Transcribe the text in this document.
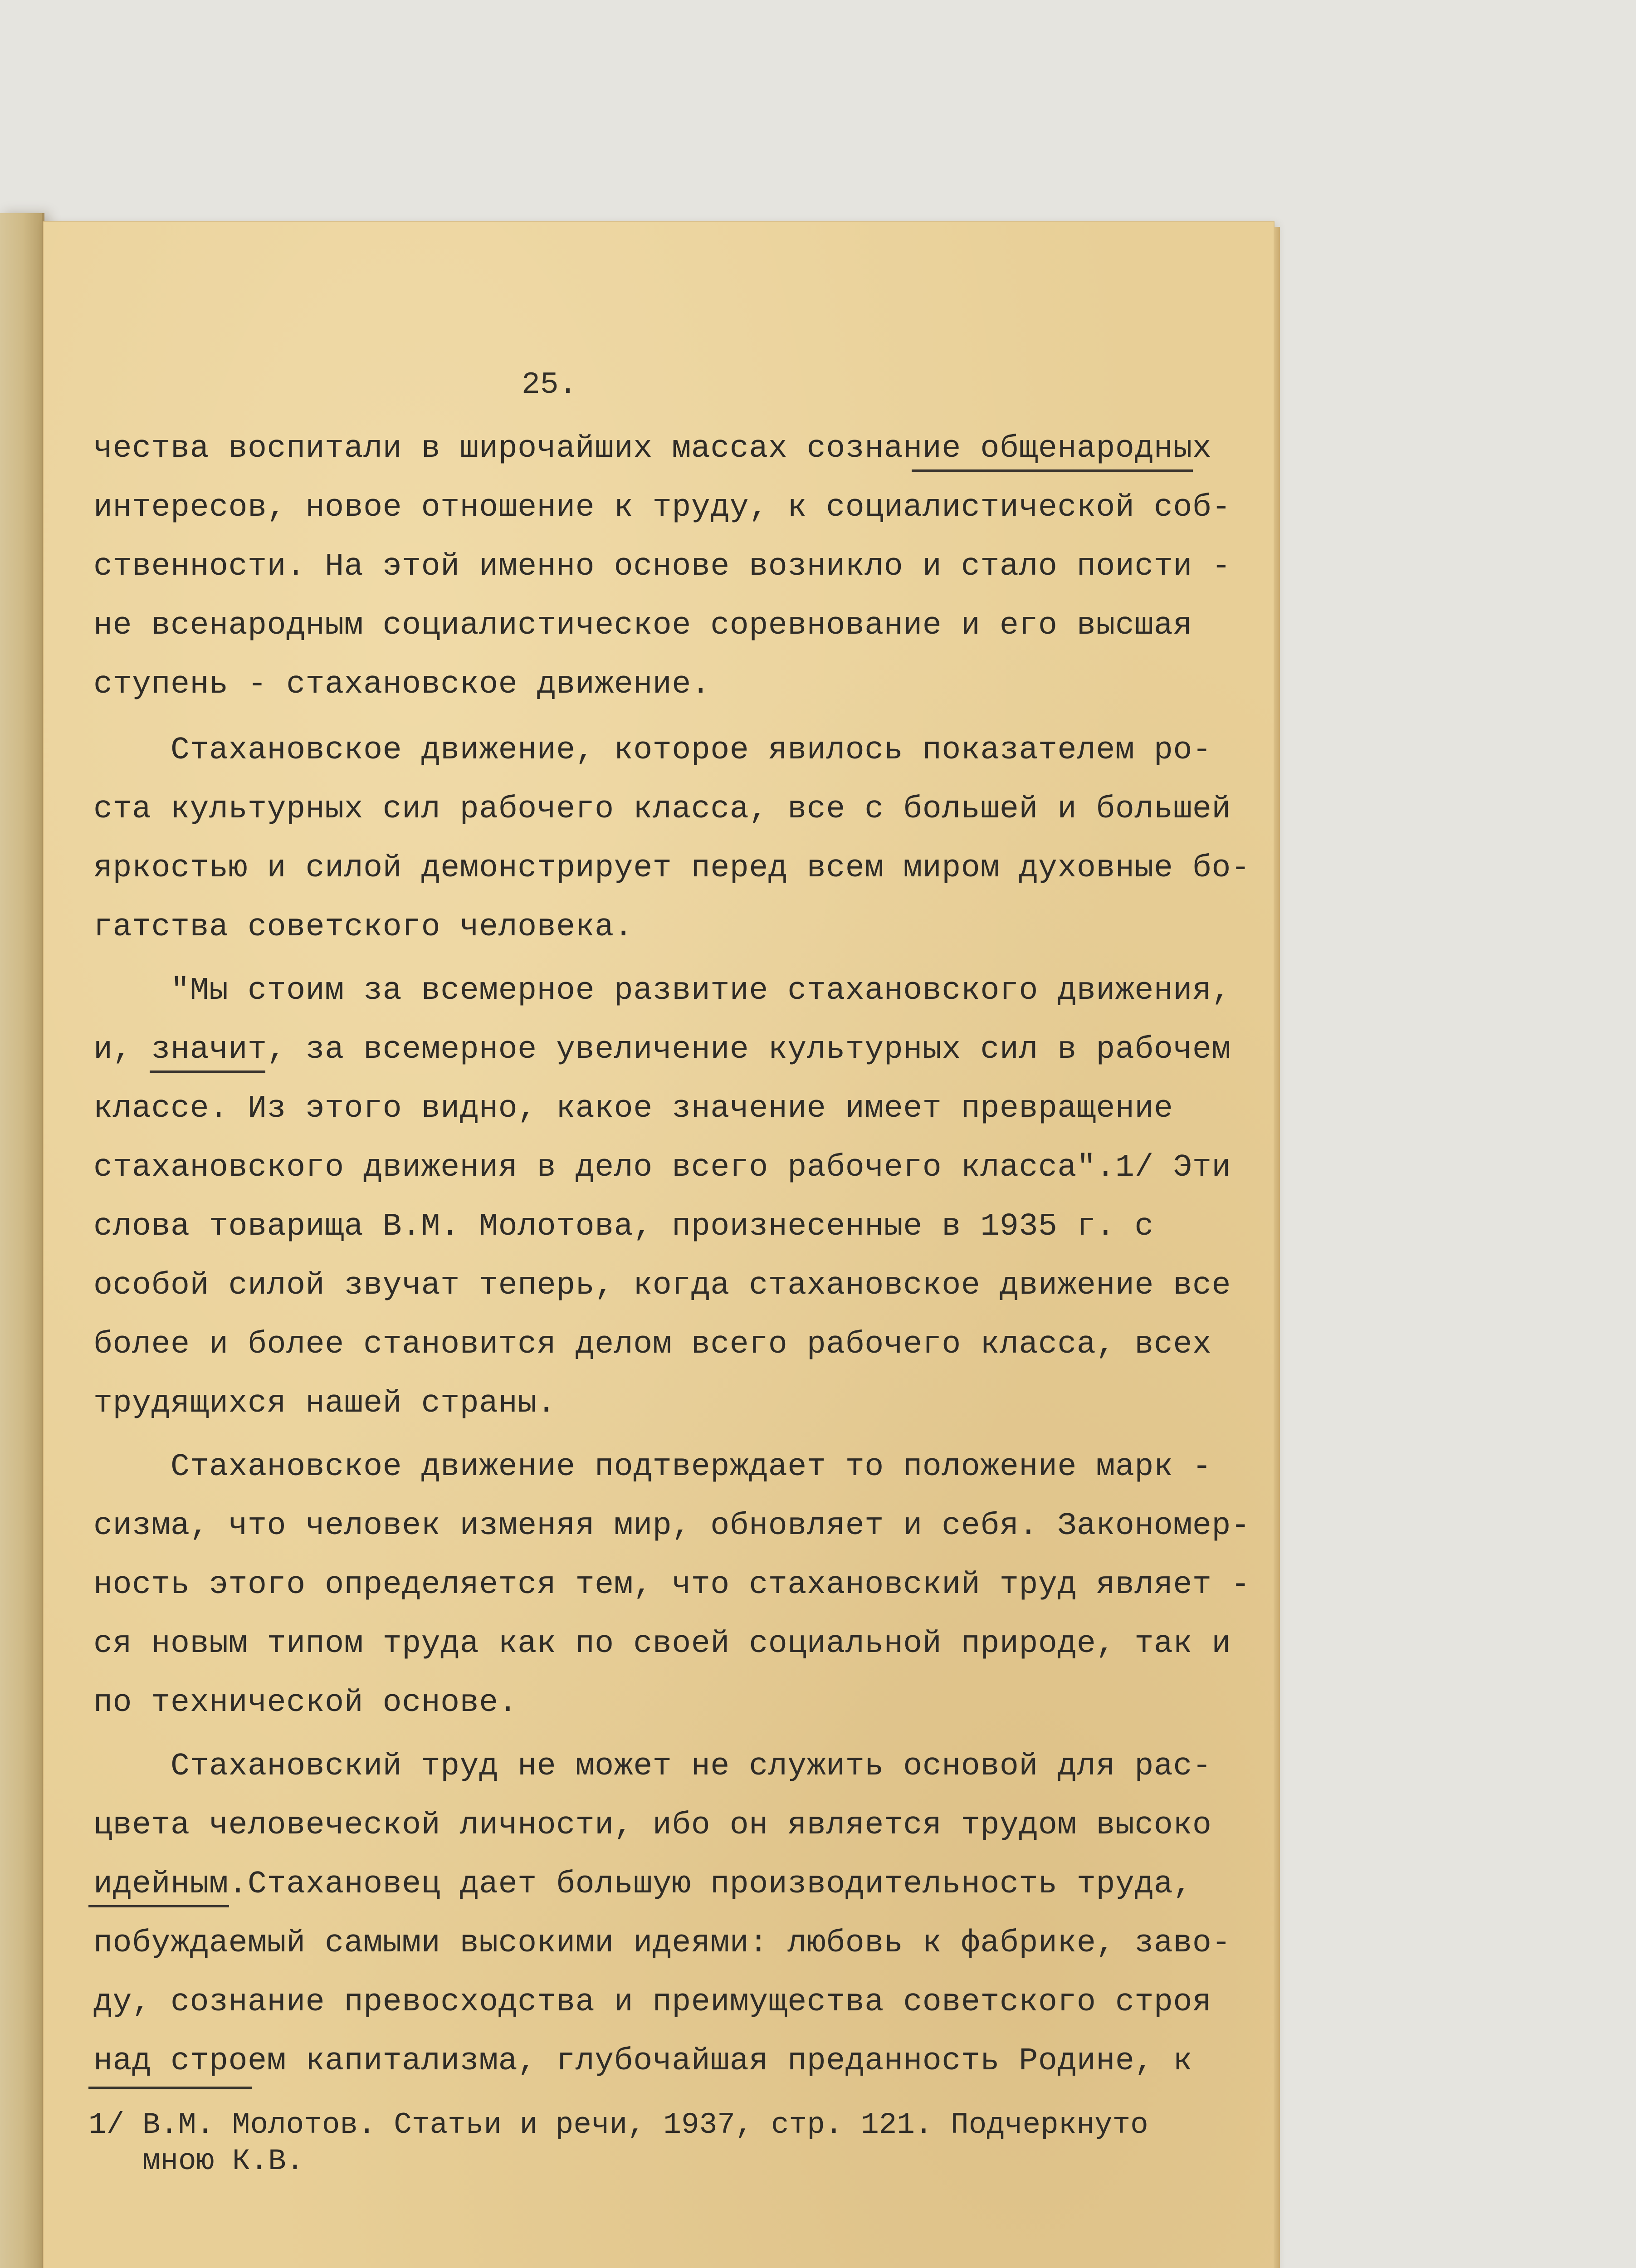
25.
чества воспитали в широчайших массах сознание общенародных
интересов, новое отношение к труду, к социалистической соб-
ственности. На этой именно основе возникло и стало поисти -
не всенародным социалистическое соревнование и его высшая
ступень - стахановское движение.
Стахановское движение, которое явилось показателем ро-
ста культурных сил рабочего класса, все с большей и большей
яркостью и силой демонстрирует перед всем миром духовные бо-
гатства советского человека.
"Мы стоим за всемерное развитие стахановского движения,
и, значит, за всемерное увеличение культурных сил в рабочем
классе. Из этого видно, какое значение имеет превращение
стахановского движения в дело всего рабочего класса".1/ Эти
слова товарища В.М. Молотова, произнесенные в 1935 г. с
особой силой звучат теперь, когда стахановское движение все
более и более становится делом всего рабочего класса, всех
трудящихся нашей страны.
Стахановское движение подтверждает то положение марк -
сизма, что человек изменяя мир, обновляет и себя. Закономер-
ность этого определяется тем, что стахановский труд являет -
ся новым типом труда как по своей социальной природе, так и
по технической основе.
Стахановский труд не может не служить основой для рас-
цвета человеческой личности, ибо он является трудом высоко
идейным.Стахановец дает большую производительность труда,
побуждаемый самыми высокими идеями: любовь к фабрике, заво-
ду, сознание превосходства и преимущества советского строя
над строем капитализма, глубочайшая преданность Родине, к
1/ В.М. Молотов. Статьи и речи, 1937, стр. 121. Подчеркнуто
мною К.В.
